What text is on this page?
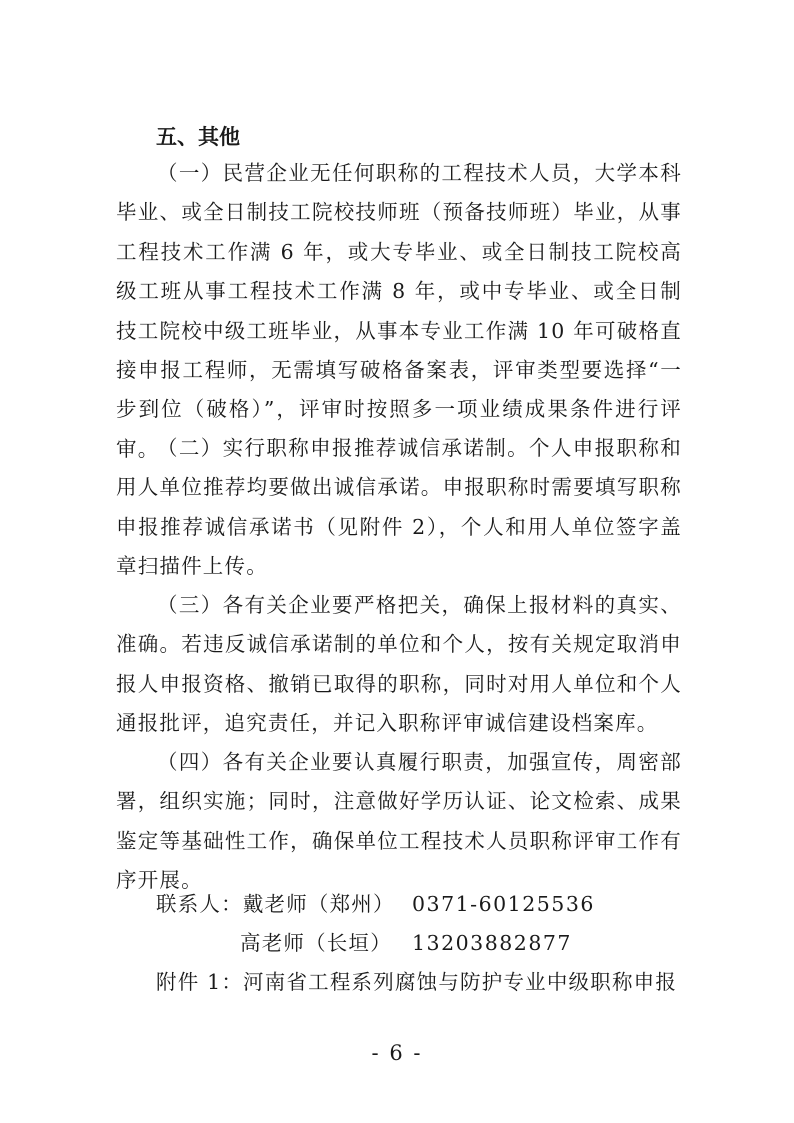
五、其他

（一）民营企业无任何职称的工程技术人员，大学本科毕业、或全日制技工院校技师班（预备技师班）毕业，从事工程技术工作满 6 年，或大专毕业、或全日制技工院校高级工班从事工程技术工作满 8 年，或中专毕业、或全日制技工院校中级工班毕业，从事本专业工作满 10 年可破格直接申报工程师，无需填写破格备案表，评审类型要选择“一步到位（破格）”，评审时按照多一项业绩成果条件进行评审。

（二）实行职称申报推荐诚信承诺制。个人申报职称和用人单位推荐均要做出诚信承诺。申报职称时需要填写职称申报推荐诚信承诺书（见附件 2），个人和用人单位签字盖章扫描件上传。

（三）各有关企业要严格把关，确保上报材料的真实、准确。若违反诚信承诺制的单位和个人，按有关规定取消申报人申报资格、撤销已取得的职称，同时对用人单位和个人通报批评，追究责任，并记入职称评审诚信建设档案库。

（四）各有关企业要认真履行职责，加强宣传，周密部署，组织实施；同时，注意做好学历认证、论文检索、成果鉴定等基础性工作，确保单位工程技术人员职称评审工作有序开展。

联系人：戴老师（郑州） 0371-60125536
高老师（长垣） 13203882877
附件 1：河南省工程系列腐蚀与防护专业中级职称申报
- 6 -
